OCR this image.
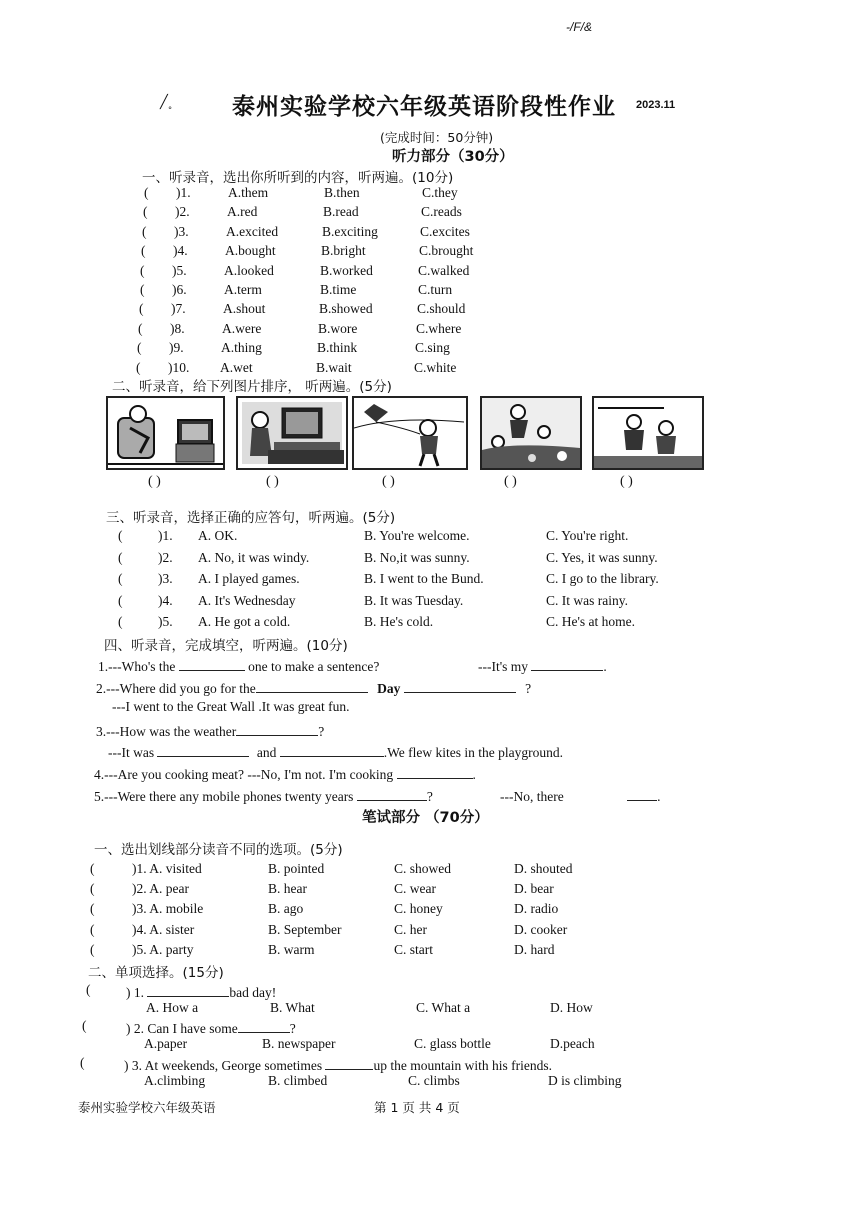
-/F/&
╱˳	泰州实验学校六年级英语阶段性作业 2023.11
(完成时间：50分钟)
听力部分（30分）
一、听录音，选出你所听到的内容，听两遍。(10分)
( )1.	A.them	B.then	C.they
( )2.	A.red	B.read	C.reads
( )3.	A.excited	B.exciting	C.excites
( )4.	A.bought	B.bright	C.brought
( )5.	A.looked	B.worked	C.walked
( )6.	A.term	B.time	C.turn
( )7.	A.shout	B.showed	C.should
( )8.	A.were	B.wore	C.where
( )9.	A.thing	B.think	C.sing
( )10. A.wet	B.wait	C.white
二、听录音，给下列图片排序， 听两遍。(5分)
( )	( )	( )	( )	( )
三、听录音，选择正确的应答句，听两遍。(5分)
(	)1. A. OK.	B. You're welcome.	C. You're right.
(	)2. A. No, it was windy.	B. No,it was sunny.	C. Yes, it was sunny.
(	)3. A. I played games.	B. I went to the Bund.	C. I go to the library.
(	)4. A. It's Wednesday	B. It was Tuesday.	C. It was rainy.
(	)5. A. He got a cold.	B. He's cold.	C. He's at home.
四、听录音，完成填空，听两遍。(10分)
1.---Who's the	one to make a sentence?	---It's my	.
2.---Where did you go for the	Day	?
---I went to the Great Wall .It was great fun.
3.---How was the weather	?
---It was	and	.We flew kites in the playground.
4.---Are you cooking meat? ---No, I'm not. I'm cooking	.
5.---Were there any mobile phones twenty years	?	---No, there	.
笔试部分 （70分）
一、选出划线部分读音不同的选项。(5分)
(	)1. A. visited	B. pointed	C. showed	D. shouted
(	)2. A. pear	B. hear	C. wear	D. bear
(	)3. A. mobile	B. ago	C. honey	D. radio
(	)4. A. sister	B. September	C. her	D. cooker
(	)5. A. party	B. warm	C. start	D. hard
二、单项选择。(15分)
(	) 1.	bad day!
A. How a	B. What	C. What a	D. How
(	) 2. Can I have some	?
A.paper	B. newspaper	C. glass bottle	D.peach
(	) 3. At weekends, George sometimes	up the mountain with his friends.
A.climbing	B. climbed	C. climbs	D is climbing
泰州实验学校六年级英语	第 1 页 共 4 页
